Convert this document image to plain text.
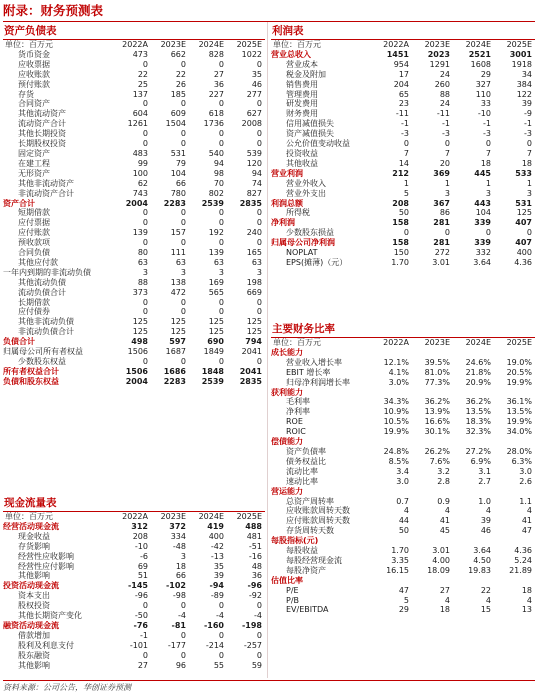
附录：财务预测表
资产负债表
单位：百万元	2022A	2023E	2024E	2025E
货币资金	473	662	828	1022
应收票据	0	0	0	0
应收账款	22	22	27	35
预付账款	25	26	36	46
存货	137	185	227	277
合同资产	0	0	0	0
其他流动资产	604	609	618	627
流动资产合计	1261	1504	1736	2008
其他长期投资	0	0	0	0
长期股权投资	0	0	0	0
固定资产	483	531	540	539
在建工程	99	79	94	120
无形资产	100	104	98	94
其他非流动资产	62	66	70	74
非流动资产合计	743	780	802	827
资产合计	2004	2283	2539	2835
短期借款	0	0	0	0
应付票据	0	0	0	0
应付账款	139	157	192	240
预收款项	0	0	0	0
合同负债	80	111	139	165
其他应付款	63	63	63	63
一年内到期的非流动负债	3	3	3	3
其他流动负债	88	138	169	198
流动负债合计	373	472	565	669
长期借款	0	0	0	0
应付债券	0	0	0	0
其他非流动负债	125	125	125	125
非流动负债合计	125	125	125	125
负债合计	498	597	690	794
归属母公司所有者权益	1506	1687	1849	2041
少数股东权益	0	0	0	0
所有者权益合计	1506	1686	1848	2041
负债和股东权益	2004	2283	2539	2835
现金流量表
单位：百万元	2022A	2023E	2024E	2025E
经营活动现金流	312	372	419	488
现金收益	208	334	400	481
存货影响	-10	-48	-42	-51
经营性应收影响	-6	3	-13	-16
经营性应付影响	69	18	35	48
其他影响	51	66	39	36
投资活动现金流	-145	-102	-94	-96
资本支出	-96	-98	-89	-92
股权投资	0	0	0	0
其他长期资产变化	-50	-4	-4	-4
融资活动现金流	-76	-81	-160	-198
借款增加	-1	0	0	0
股利及利息支付	-101	-177	-214	-257
股东融资	0	0	0	0
其他影响	27	96	55	59
利润表
单位：百万元	2022A	2023E	2024E	2025E
营业总收入	1451	2023	2521	3001
营业成本	954	1291	1608	1918
税金及附加	17	24	29	34
销售费用	204	260	327	384
管理费用	65	88	110	122
研发费用	23	24	33	39
财务费用	-11	-11	-10	-9
信用减值损失	-1	-1	-1	-1
资产减值损失	-3	-3	-3	-3
公允价值变动收益	0	0	0	0
投资收益	7	7	7	7
其他收益	14	20	18	18
营业利润	212	369	445	533
营业外收入	1	1	1	1
营业外支出	5	3	3	3
利润总额	208	367	443	531
所得税	50	86	104	125
净利润	158	281	339	407
少数股东损益	0	0	0	0
归属母公司净利润	158	281	339	407
NOPLAT	150	272	332	400
EPS(摊薄)（元）	1.70	3.01	3.64	4.36
主要财务比率
单位：百万元	2022A	2023E	2024E	2025E
成长能力				
营业收入增长率	12.1%	39.5%	24.6%	19.0%
EBIT 增长率	4.1%	81.0%	21.8%	20.5%
归母净利润增长率	3.0%	77.3%	20.9%	19.9%
获利能力				
毛利率	34.3%	36.2%	36.2%	36.1%
净利率	10.9%	13.9%	13.5%	13.5%
ROE	10.5%	16.6%	18.3%	19.9%
ROIC	19.9%	30.1%	32.3%	34.0%
偿债能力				
资产负债率	24.8%	26.2%	27.2%	28.0%
债务权益比	8.5%	7.6%	6.9%	6.3%
流动比率	3.4	3.2	3.1	3.0
速动比率	3.0	2.8	2.7	2.6
营运能力				
总资产周转率	0.7	0.9	1.0	1.1
应收账款周转天数	4	4	4	4
应付账款周转天数	44	41	39	41
存货周转天数	50	45	46	47
每股指标(元)				
每股收益	1.70	3.01	3.64	4.36
每股经营现金流	3.35	4.00	4.50	5.24
每股净资产	16.15	18.09	19.83	21.89
估值比率				
P/E	47	27	22	18
P/B	5	4	4	4
EV/EBITDA	29	18	15	13
资料来源：公司公告，华创证券预测
